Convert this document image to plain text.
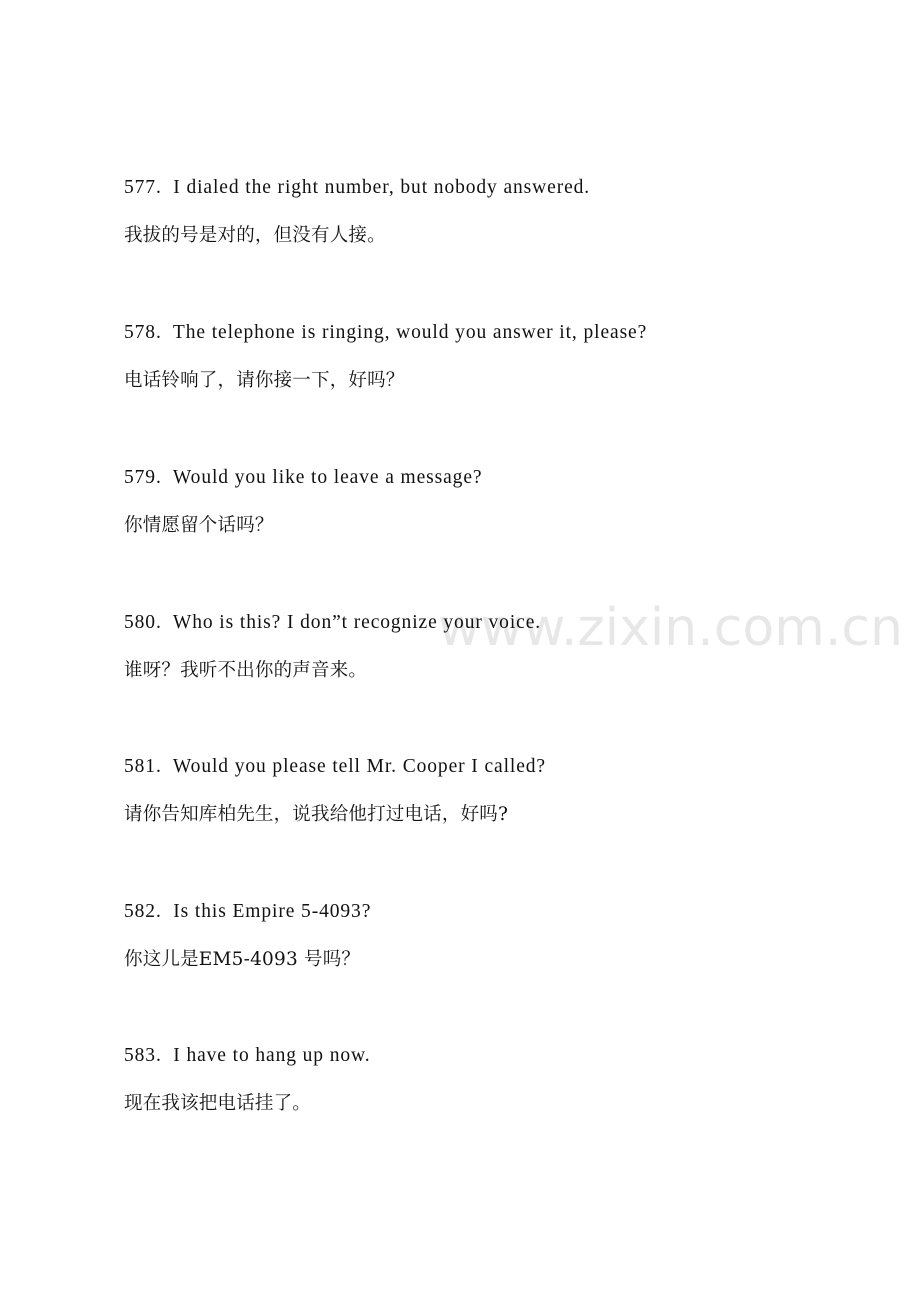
577.  I dialed the right number, but nobody answered.
我拔的号是对的，但没有人接。
578.  The telephone is ringing, would you answer it, please?
电话铃响了，请你接一下，好吗？
579.  Would you like to leave a message?
你情愿留个话吗？
580.  Who is this? I don”t recognize your voice.
谁呀？我听不出你的声音来。
581.  Would you please tell Mr. Cooper I called?
请你告知库柏先生，说我给他打过电话，好吗?
582.  Is this Empire 5-4093?
你这儿是EM5-4093 号吗？
583.  I have to hang up now.
现在我该把电话挂了。
www.zixin.com.cn
